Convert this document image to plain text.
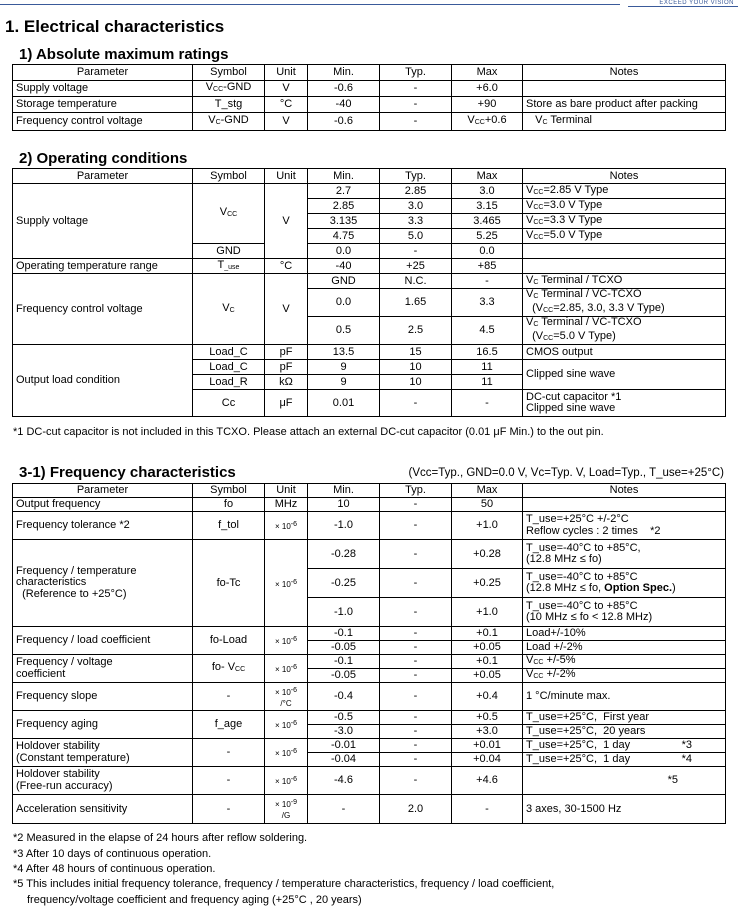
EXCEED YOUR VISION
1. Electrical characteristics
1) Absolute maximum ratings
Parameter	Symbol	Unit	Min.	Typ.	Max	Notes
Supply voltage	VCC-GND	V	-0.6	-	+6.0	
Storage temperature	T_stg	°C	-40	-	+90	Store as bare product after packing
Frequency control voltage	VC-GND	V	-0.6	-	VCC+0.6	VC Terminal
2) Operating conditions
Parameter	Symbol	Unit	Min.	Typ.	Max	Notes
Supply voltage	VCC	V	2.7	2.85	3.0	VCC=2.85 V Type
			2.85	3.0	3.15	VCC=3.0 V Type
			3.135	3.3	3.465	VCC=3.3 V Type
			4.75	5.0	5.25	VCC=5.0 V Type
	GND		0.0	-	0.0	
Operating temperature range	T_use	°C	-40	+25	+85	
Frequency control voltage	VC	V	GND	N.C.	-	VC Terminal / TCXO
			0.0	1.65	3.3	VC Terminal / VC-TCXO
(VCC=2.85, 3.0, 3.3 V Type)
			0.5	2.5	4.5	VC Terminal / VC-TCXO
(VCC=5.0 V Type)
Output load condition	Load_C	pF	13.5	15	16.5	CMOS output
	Load_C	pF	9	10	11	Clipped sine wave
	Load_R	kΩ	9	10	11	
	Cc	μF	0.01	-	-	DC-cut capacitor *1
Clipped sine wave
*1 DC-cut capacitor is not included in this TCXO. Please attach an external DC-cut capacitor (0.01 μF Min.) to the out pin.
3-1) Frequency characteristics	(Vcc=Typ., GND=0.0 V, Vc=Typ. V, Load=Typ., T_use=+25°C)
Parameter	Symbol	Unit	Min.	Typ.	Max	Notes
Output frequency	fo	MHz	10	-	50	
Frequency tolerance *2	f_tol	× 10-6	-1.0	-	+1.0	T_use=+25°C +/-2°C
Reflow cycles : 2 times    *2
Frequency / temperature
characteristics
(Reference to +25°C)	fo-Tc	× 10-6	-0.28	-	+0.28	T_use=-40°C to +85°C,
(12.8 MHz ≤ fo)
			-0.25	-	+0.25	T_use=-40°C to +85°C
(12.8 MHz ≤ fo, Option Spec.)
			-1.0	-	+1.0	T_use=-40°C to +85°C
(10 MHz ≤ fo < 12.8 MHz)
Frequency / load coefficient	fo-Load	× 10-6	-0.1	-	+0.1	Load+/-10%
			-0.05	-	+0.05	Load +/-2%
Frequency / voltage
coefficient	fo- VCC	× 10-6	-0.1	-	+0.1	VCC +/-5%
			-0.05	-	+0.05	VCC +/-2%
Frequency slope	-	× 10-6
/°C	-0.4	-	+0.4	1 °C/minute max.
Frequency aging	f_age	× 10-6	-0.5	-	+0.5	T_use=+25°C,  First year
			-3.0	-	+3.0	T_use=+25°C,  20 years
Holdover stability
(Constant temperature)	-	× 10-6	-0.01	-	+0.01	T_use=+25°C,  1 day *3

			-0.04	-	+0.04	T_use=+25°C,  1 day *4

Holdover stability
(Free-run accuracy)	-	× 10-6	-4.6	-	+4.6	*5

Acceleration sensitivity	-	× 10-9
/G	-	2.0	-	3 axes, 30-1500 Hz
*2 Measured in the elapse of 24 hours after reflow soldering.
*3 After 10 days of continuous operation.
*4 After 48 hours of continuous operation.
*5 This includes initial frequency tolerance, frequency / temperature characteristics, frequency / load coefficient,
frequency/voltage coefficient and frequency aging (+25°C , 20 years)
